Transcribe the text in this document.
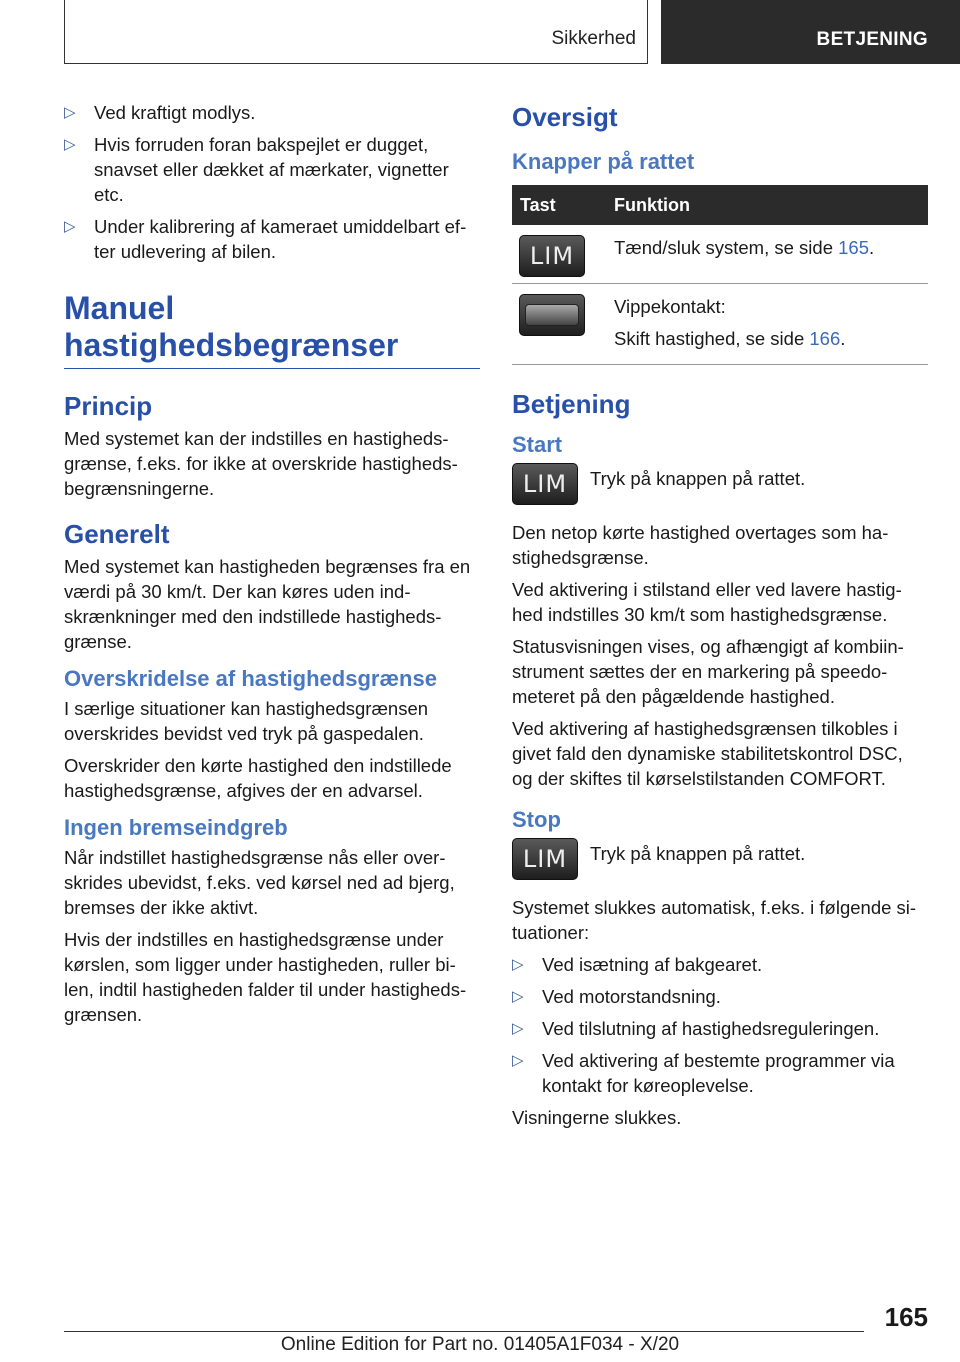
Sikkerhed	BETJENING
▷ Ved kraftigt modlys.
▷ Hvis forruden foran bakspejlet er dugget, snavset eller dækket af mærkater, vignetter etc.
▷ Under kalibrering af kameraet umiddelbart ef-ter udlevering af bilen.
Manuel hastighedsbegrænser
Princip

Med systemet kan der indstilles en hastigheds-grænse, f.eks. for ikke at overskride hastigheds-begrænsningerne.

Generelt

Med systemet kan hastigheden begrænses fra en værdi på 30 km/t. Der kan køres uden ind-skrænkninger med den indstillede hastigheds-grænse.

Overskridelse af hastighedsgrænse

I særlige situationer kan hastighedsgrænsen overskrides bevidst ved tryk på gaspedalen.

Overskrider den kørte hastighed den indstillede hastighedsgrænse, afgives der en advarsel.

Ingen bremseindgreb

Når indstillet hastighedsgrænse nås eller over-skrides ubevidst, f.eks. ved kørsel ned ad bjerg, bremses der ikke aktivt.

Hvis der indstilles en hastighedsgrænse under kørslen, som ligger under hastigheden, ruller bi-len, indtil hastigheden falder til under hastigheds-grænsen.

Oversigt
Knapper på rattet
Tast	Funktion

LIM	Tænd/sluk system, se side 165.

	Vippekontakt:

Skift hastighed, se side 166.

Betjening
Start
LIM	Tryk på knappen på rattet.

Den netop kørte hastighed overtages som ha-stighedsgrænse.

Ved aktivering i stilstand eller ved lavere hastig-hed indstilles 30 km/t som hastighedsgrænse.

Statusvisningen vises, og afhængigt af kombiin-strument sættes der en markering på speedo-meteret på den pågældende hastighed.

Ved aktivering af hastighedsgrænsen tilkobles i givet fald den dynamiske stabilitetskontrol DSC, og der skiftes til kørselstilstanden COMFORT.

Stop
LIM	Tryk på knappen på rattet.

Systemet slukkes automatisk, f.eks. i følgende si-tuationer:

▷ Ved isætning af bakgearet.
▷ Ved motorstandsning.
▷ Ved tilslutning af hastighedsreguleringen.
▷ Ved aktivering af bestemte programmer via kontakt for køreoplevelse.

Visningerne slukkes.

165
Online Edition for Part no. 01405A1F034 - X/20
